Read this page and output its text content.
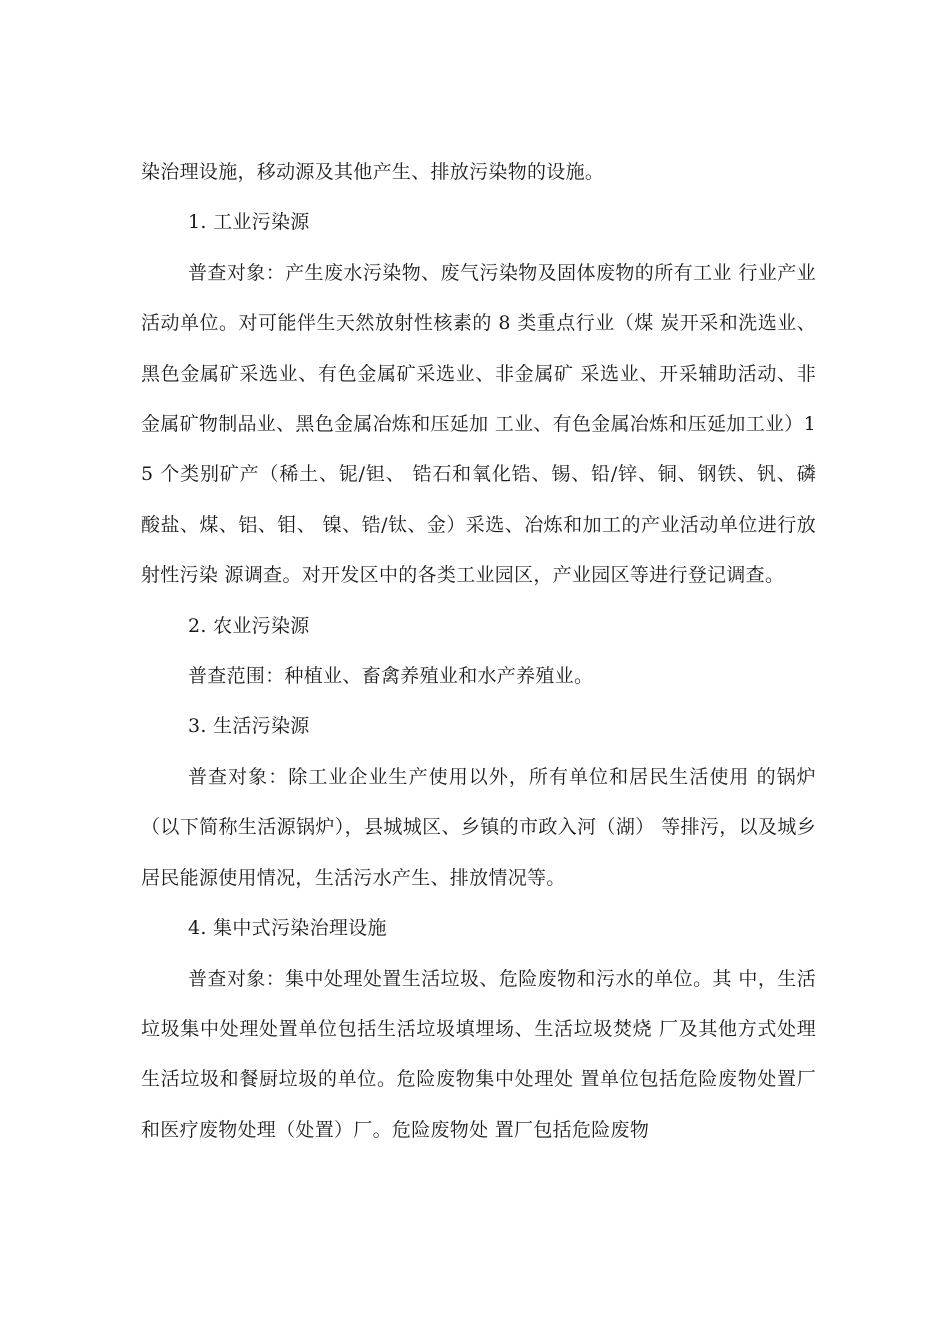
染治理设施，移动源及其他产生、排放污染物的设施。

1. 工业污染源

普查对象：产生废水污染物、废气污染物及固体废物的所有工业 行业产业活动单位。对可能伴生天然放射性核素的 8 类重点行业（煤 炭开采和洗选业、黑色金属矿采选业、有色金属矿采选业、非金属矿 采选业、开采辅助活动、非金属矿物制品业、黑色金属冶炼和压延加 工业、有色金属冶炼和压延加工业）15 个类别矿产（稀土、铌/钽、 锆石和氧化锆、锡、铅/锌、铜、钢铁、钒、磷酸盐、煤、铝、钼、 镍、锆/钛、金）采选、冶炼和加工的产业活动单位进行放射性污染 源调查。对开发区中的各类工业园区，产业园区等进行登记调查。

2. 农业污染源

普查范围：种植业、畜禽养殖业和水产养殖业。

3. 生活污染源

普查对象：除工业企业生产使用以外，所有单位和居民生活使用 的锅炉（以下简称生活源锅炉），县城城区、乡镇的市政入河（湖） 等排污，以及城乡居民能源使用情况，生活污水产生、排放情况等。

4. 集中式污染治理设施

普查对象：集中处理处置生活垃圾、危险废物和污水的单位。其 中，生活垃圾集中处理处置单位包括生活垃圾填埋场、生活垃圾焚烧 厂及其他方式处理生活垃圾和餐厨垃圾的单位。危险废物集中处理处 置单位包括危险废物处置厂和医疗废物处理（处置）厂。危险废物处 置厂包括危险废物
